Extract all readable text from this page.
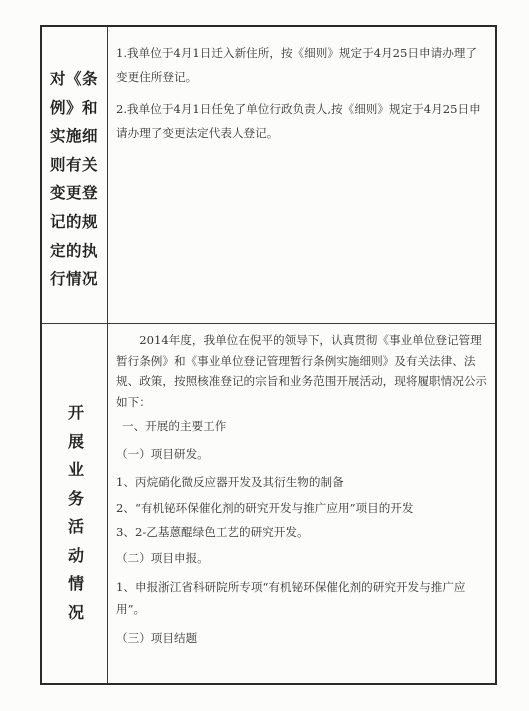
对《条例》和实施细则有关变更登记的规定的执行情况

1.我单位于4月1日迁入新住所，按《细则》规定于4月25日申请办理了变更住所登记。

2.我单位于4月1日任免了单位行政负责人,按《细则》规定于4月25日申请办理了变更法定代表人登记。

开展业务活动情况

2014年度，我单位在倪平的领导下，认真贯彻《事业单位登记管理暂行条例》和《事业单位登记管理暂行条例实施细则》及有关法律、法规、政策，按照核准登记的宗旨和业务范围开展活动，现将履职情况公示如下：

一、开展的主要工作

（一）项目研发。

1、丙烷硝化微反应器开发及其衍生物的制备

2、“有机铋环保催化剂的研究开发与推广应用”项目的开发

3、2-乙基蒽醌绿色工艺的研究开发。

（二）项目申报。

1、申报浙江省科研院所专项“有机铋环保催化剂的研究开发与推广应用”。

（三）项目结题
